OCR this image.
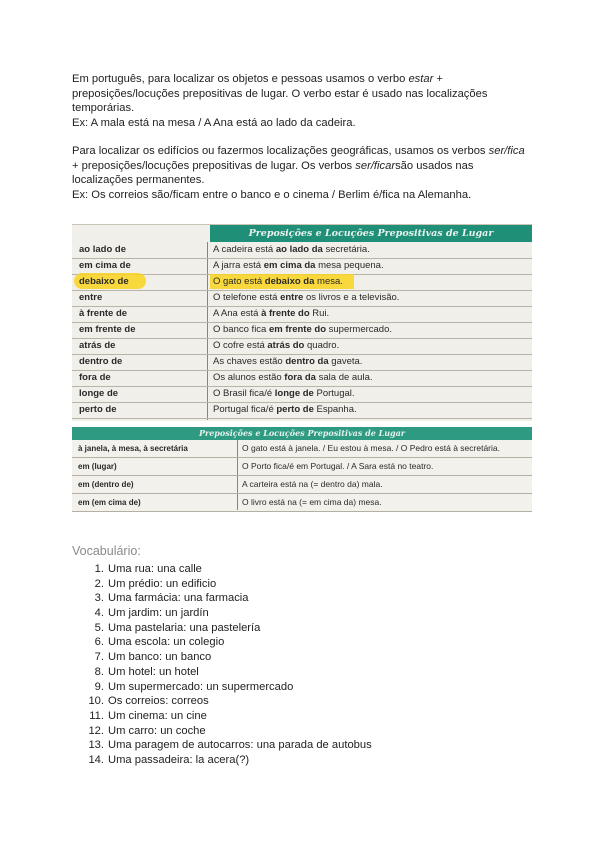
Em português, para localizar os objetos e pessoas usamos o verbo estar +

preposições/locuções prepositivas de lugar. O verbo estar é usado nas localizações

temporárias.

Ex: A mala está na mesa / A Ana está ao lado da cadeira.

Para localizar os edifícios ou fazermos localizações geográficas, usamos os verbos ser/fica

+ preposições/locuções prepositivas de lugar. Os verbos ser/ficarsão usados nas

localizações permanentes.

Ex: Os correios são/ficam entre o banco e o cinema / Berlim é/fica na Alemanha.

Preposições e Locuções Prepositivas de Lugar
ao lado de	A cadeira está ao lado da secretária.
em cima de	A jarra está em cima da mesa pequena.
debaixo de	O gato está debaixo da mesa.
entre	O telefone está entre os livros e a televisão.
à frente de	A Ana está à frente do Rui.
em frente de	O banco fica em frente do supermercado.
atrás de	O cofre está atrás do quadro.
dentro de	As chaves estão dentro da gaveta.
fora de	Os alunos estão fora da sala de aula.
longe de	O Brasil fica/é longe de Portugal.
perto de	Portugal fica/é perto de Espanha.
Preposições e Locuções Prepositivas de Lugar
à janela, à mesa, à secretária	O gato está à janela. / Eu estou à mesa. / O Pedro está à secretária.
em (lugar)	O Porto fica/é em Portugal. / A Sara está no teatro.
em (dentro de)	A carteira está na (= dentro da) mala.
em (em cima de)	O livro está na (= em cima da) mesa.
Vocabulário:
1. Uma rua: una calle
2. Um prédio: un edificio
3. Uma farmácia: una farmacia
4. Um jardim: un jardín
5. Uma pastelaria: una pastelería
6. Uma escola: un colegio
7. Um banco: un banco
8. Um hotel: un hotel
9. Um supermercado: un supermercado
10. Os correios: correos
11. Um cinema: un cine
12. Um carro: un coche
13. Uma paragem de autocarros: una parada de autobus
14. Uma passadeira: la acera(?)
